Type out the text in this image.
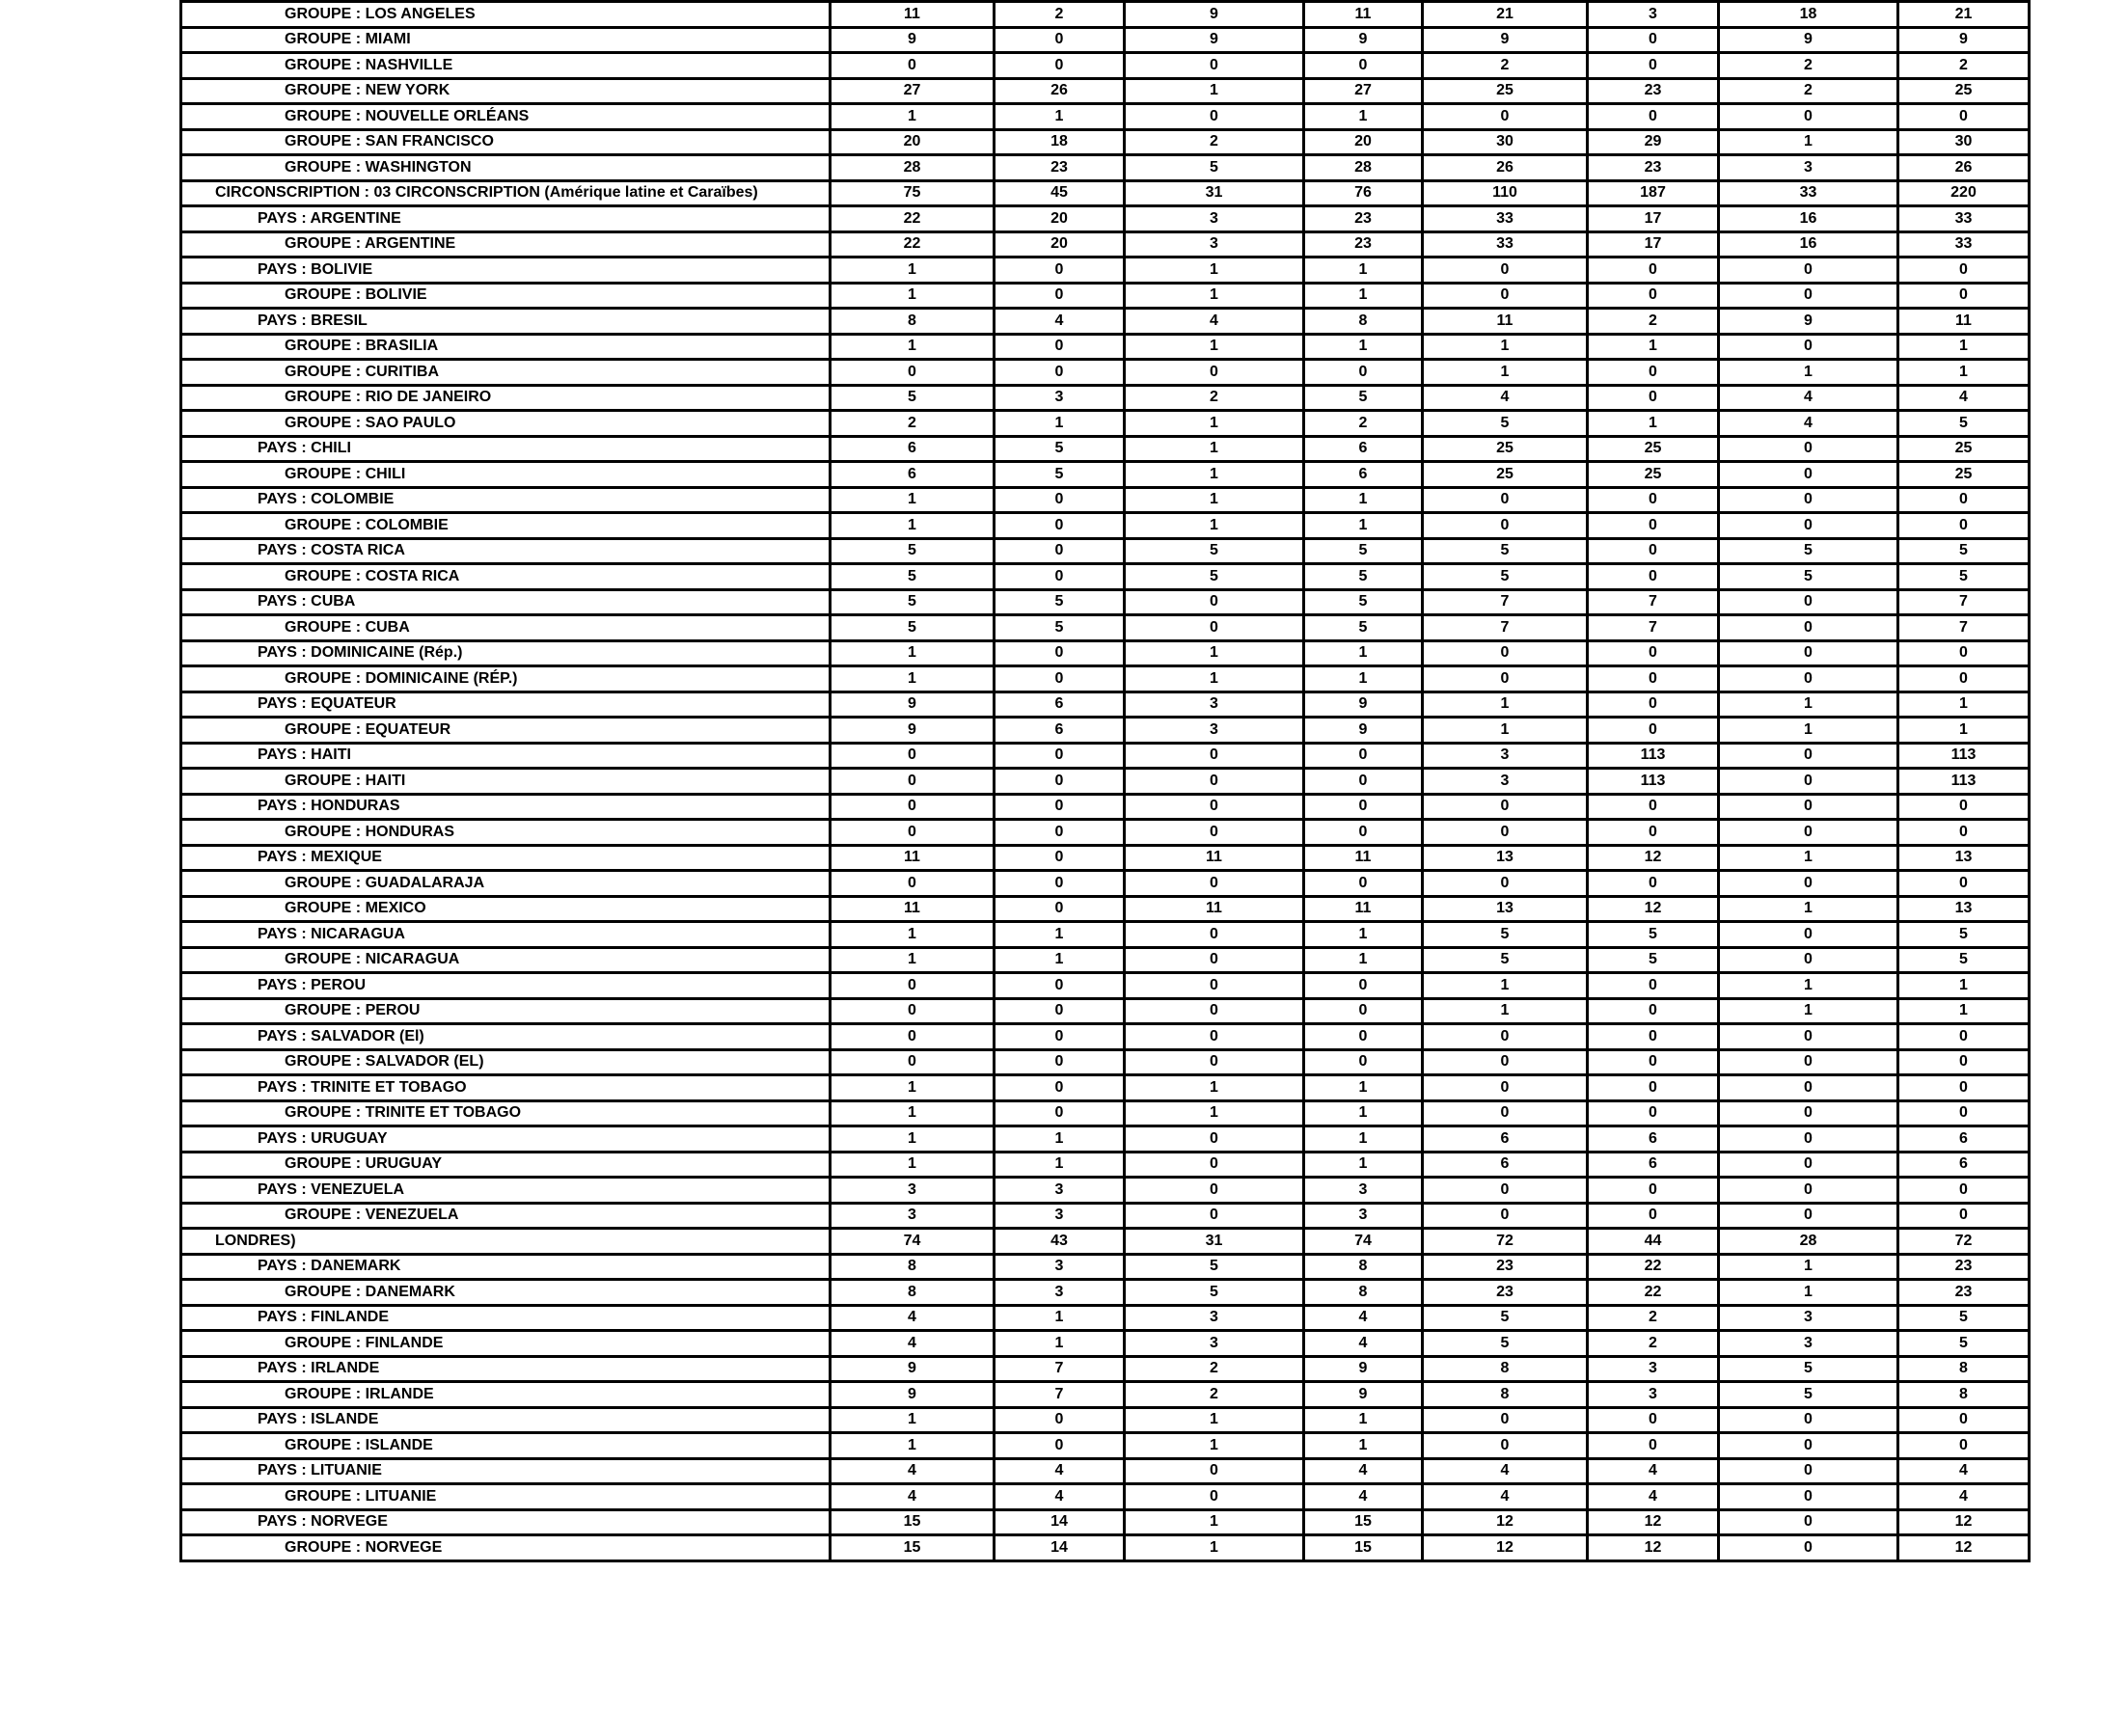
GROUPE : LOS ANGELES	11	2	9	11	21	3	18	21
GROUPE : MIAMI	9	0	9	9	9	0	9	9
GROUPE : NASHVILLE	0	0	0	0	2	0	2	2
GROUPE : NEW YORK	27	26	1	27	25	23	2	25
GROUPE : NOUVELLE ORLÉANS	1	1	0	1	0	0	0	0
GROUPE : SAN FRANCISCO	20	18	2	20	30	29	1	30
GROUPE : WASHINGTON	28	23	5	28	26	23	3	26
CIRCONSCRIPTION : 03 CIRCONSCRIPTION (Amérique latine et Caraïbes)	75	45	31	76	110	187	33	220
PAYS : ARGENTINE	22	20	3	23	33	17	16	33
GROUPE : ARGENTINE	22	20	3	23	33	17	16	33
PAYS : BOLIVIE	1	0	1	1	0	0	0	0
GROUPE : BOLIVIE	1	0	1	1	0	0	0	0
PAYS : BRESIL	8	4	4	8	11	2	9	11
GROUPE : BRASILIA	1	0	1	1	1	1	0	1
GROUPE : CURITIBA	0	0	0	0	1	0	1	1
GROUPE : RIO DE JANEIRO	5	3	2	5	4	0	4	4
GROUPE : SAO PAULO	2	1	1	2	5	1	4	5
PAYS : CHILI	6	5	1	6	25	25	0	25
GROUPE : CHILI	6	5	1	6	25	25	0	25
PAYS : COLOMBIE	1	0	1	1	0	0	0	0
GROUPE : COLOMBIE	1	0	1	1	0	0	0	0
PAYS : COSTA RICA	5	0	5	5	5	0	5	5
GROUPE : COSTA RICA	5	0	5	5	5	0	5	5
PAYS : CUBA	5	5	0	5	7	7	0	7
GROUPE : CUBA	5	5	0	5	7	7	0	7
PAYS : DOMINICAINE (Rép.)	1	0	1	1	0	0	0	0
GROUPE : DOMINICAINE (RÉP.)	1	0	1	1	0	0	0	0
PAYS : EQUATEUR	9	6	3	9	1	0	1	1
GROUPE : EQUATEUR	9	6	3	9	1	0	1	1
PAYS : HAITI	0	0	0	0	3	113	0	113
GROUPE : HAITI	0	0	0	0	3	113	0	113
PAYS : HONDURAS	0	0	0	0	0	0	0	0
GROUPE : HONDURAS	0	0	0	0	0	0	0	0
PAYS : MEXIQUE	11	0	11	11	13	12	1	13
GROUPE : GUADALARAJA	0	0	0	0	0	0	0	0
GROUPE : MEXICO	11	0	11	11	13	12	1	13
PAYS : NICARAGUA	1	1	0	1	5	5	0	5
GROUPE : NICARAGUA	1	1	0	1	5	5	0	5
PAYS : PEROU	0	0	0	0	1	0	1	1
GROUPE : PEROU	0	0	0	0	1	0	1	1
PAYS : SALVADOR (El)	0	0	0	0	0	0	0	0
GROUPE : SALVADOR (EL)	0	0	0	0	0	0	0	0
PAYS : TRINITE ET TOBAGO	1	0	1	1	0	0	0	0
GROUPE : TRINITE ET TOBAGO	1	0	1	1	0	0	0	0
PAYS : URUGUAY	1	1	0	1	6	6	0	6
GROUPE : URUGUAY	1	1	0	1	6	6	0	6
PAYS : VENEZUELA	3	3	0	3	0	0	0	0
GROUPE : VENEZUELA	3	3	0	3	0	0	0	0
LONDRES)	74	43	31	74	72	44	28	72
PAYS : DANEMARK	8	3	5	8	23	22	1	23
GROUPE : DANEMARK	8	3	5	8	23	22	1	23
PAYS : FINLANDE	4	1	3	4	5	2	3	5
GROUPE : FINLANDE	4	1	3	4	5	2	3	5
PAYS : IRLANDE	9	7	2	9	8	3	5	8
GROUPE : IRLANDE	9	7	2	9	8	3	5	8
PAYS : ISLANDE	1	0	1	1	0	0	0	0
GROUPE : ISLANDE	1	0	1	1	0	0	0	0
PAYS : LITUANIE	4	4	0	4	4	4	0	4
GROUPE : LITUANIE	4	4	0	4	4	4	0	4
PAYS : NORVEGE	15	14	1	15	12	12	0	12
GROUPE : NORVEGE	15	14	1	15	12	12	0	12
